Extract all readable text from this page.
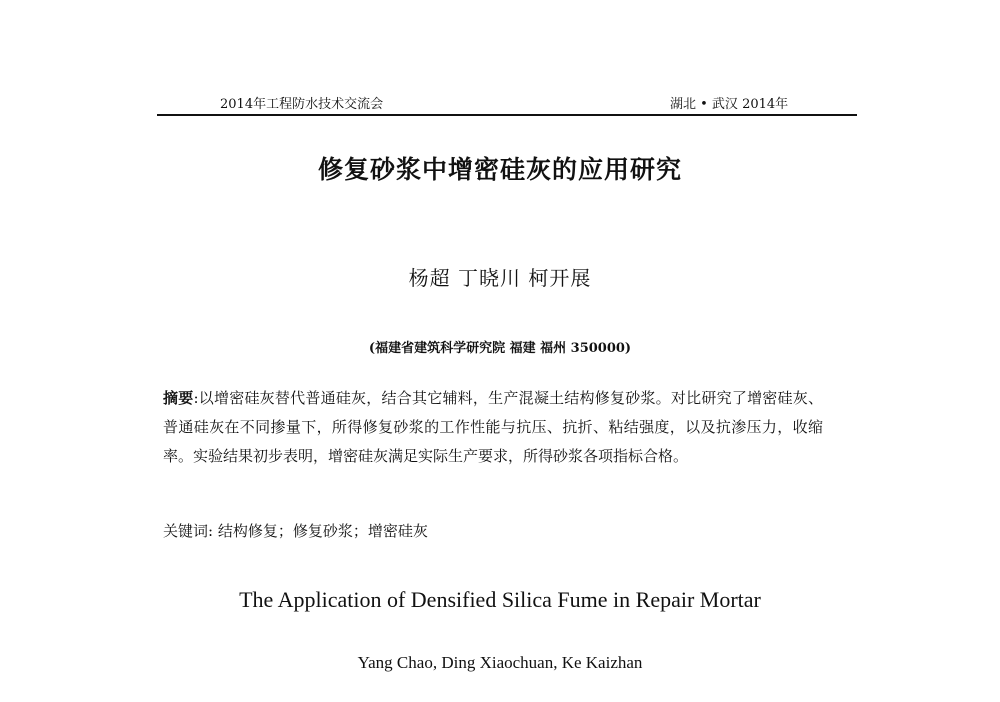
2014年工程防水技术交流会	湖北 • 武汉 2014年
修复砂浆中增密硅灰的应用研究
杨超 丁晓川 柯开展
(福建省建筑科学研究院 福建 福州 350000)
摘要:以增密硅灰替代普通硅灰，结合其它辅料，生产混凝土结构修复砂浆。对比研究了增密硅灰、普通硅灰在不同掺量下，所得修复砂浆的工作性能与抗压、抗折、粘结强度，以及抗渗压力，收缩率。实验结果初步表明，增密硅灰满足实际生产要求，所得砂浆各项指标合格。
关键词: 结构修复；修复砂浆；增密硅灰
The Application of Densified Silica Fume in Repair Mortar
Yang Chao, Ding Xiaochuan, Ke Kaizhan
